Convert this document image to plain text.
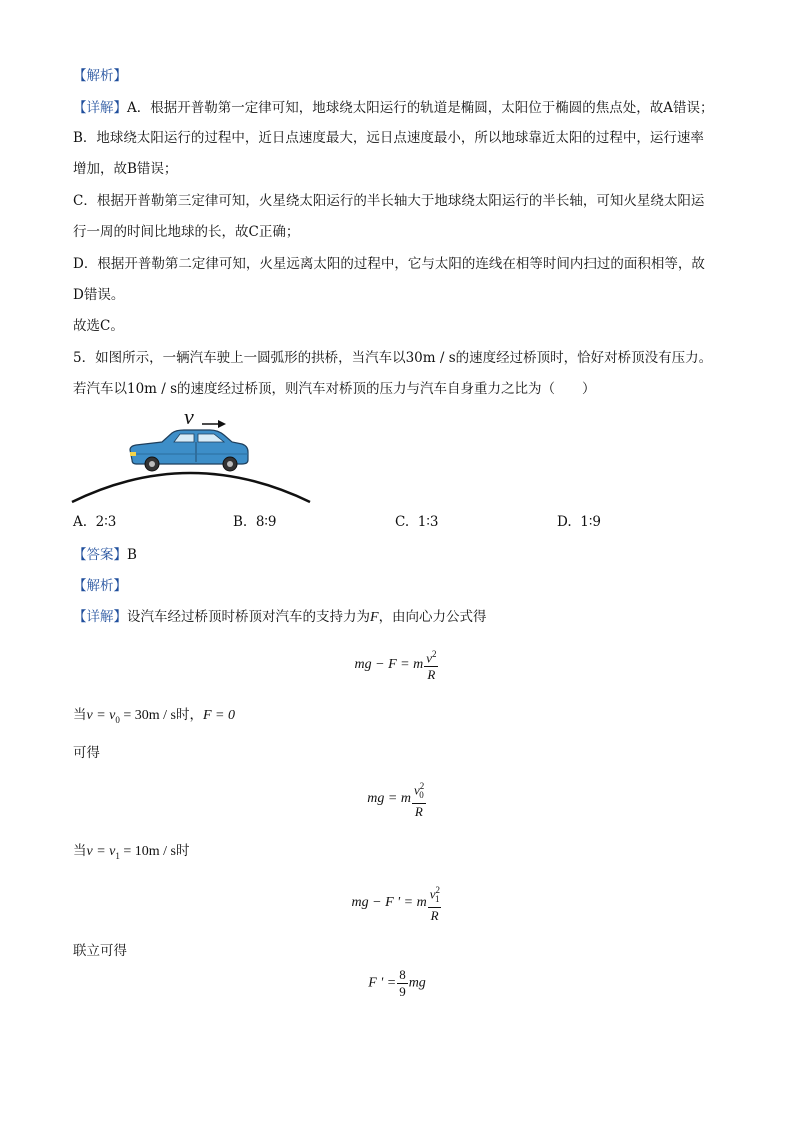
【解析】
【详解】A．根据开普勒第一定律可知，地球绕太阳运行的轨道是椭圆，太阳位于椭圆的焦点处，故A错误；
B．地球绕太阳运行的过程中，近日点速度最大，远日点速度最小，所以地球靠近太阳的过程中，运行速率
增加，故B错误；
C．根据开普勒第三定律可知，火星绕太阳运行的半长轴大于地球绕太阳运行的半长轴，可知火星绕太阳运
行一周的时间比地球的长，故C正确；
D．根据开普勒第二定律可知，火星远离太阳的过程中，它与太阳的连线在相等时间内扫过的面积相等，故
D错误。
故选C。
5．如图所示，一辆汽车驶上一圆弧形的拱桥，当汽车以30m / s的速度经过桥顶时，恰好对桥顶没有压力。
若汽车以10m / s的速度经过桥顶，则汽车对桥顶的压力与汽车自身重力之比为（　　）
v
A. 2∶3	B. 8∶9	C. 1∶3	D. 1∶9
【答案】B
【解析】
【详解】设汽车经过桥顶时桥顶对汽车的支持力为F，由向心力公式得
mg − F = m $\frac{v^2}{R}$
当$v = v_0 = 30m / s$时，F = 0
可得
mg = m $\frac{v^2_0}{R}$
当$v = v_1 = 10m / s$时
mg − F ' = m $\frac{v^2_1}{R}$
联立可得
F ' = $\frac{8}{9}$ mg
